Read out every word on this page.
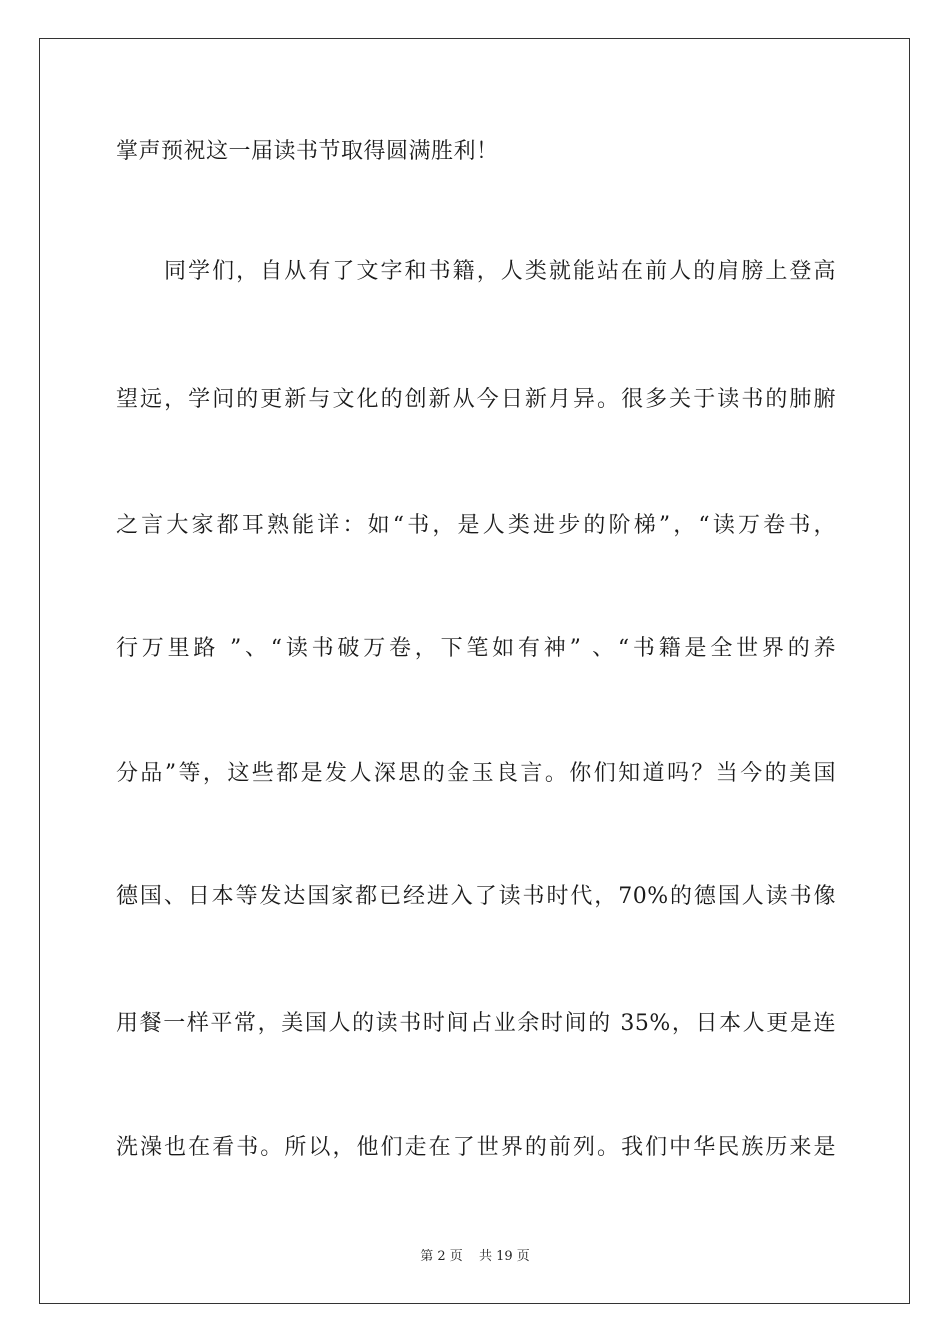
掌声预祝这一届读书节取得圆满胜利！
同学们，自从有了文字和书籍，人类就能站在前人的肩膀上登高
望远，学问的更新与文化的创新从今日新月异。很多关于读书的肺腑
之言大家都耳熟能详：如“书，是人类进步的阶梯”，“读万卷书，
行万里路 ”、“读书破万卷，下笔如有神” 、“书籍是全世界的养
分品”等，这些都是发人深思的金玉良言。你们知道吗？当今的美国
德国、日本等发达国家都已经进入了读书时代，70%的德国人读书像
用餐一样平常，美国人的读书时间占业余时间的 35%，日本人更是连
洗澡也在看书。所以，他们走在了世界的前列。我们中华民族历来是
第 2 页 共 19 页
